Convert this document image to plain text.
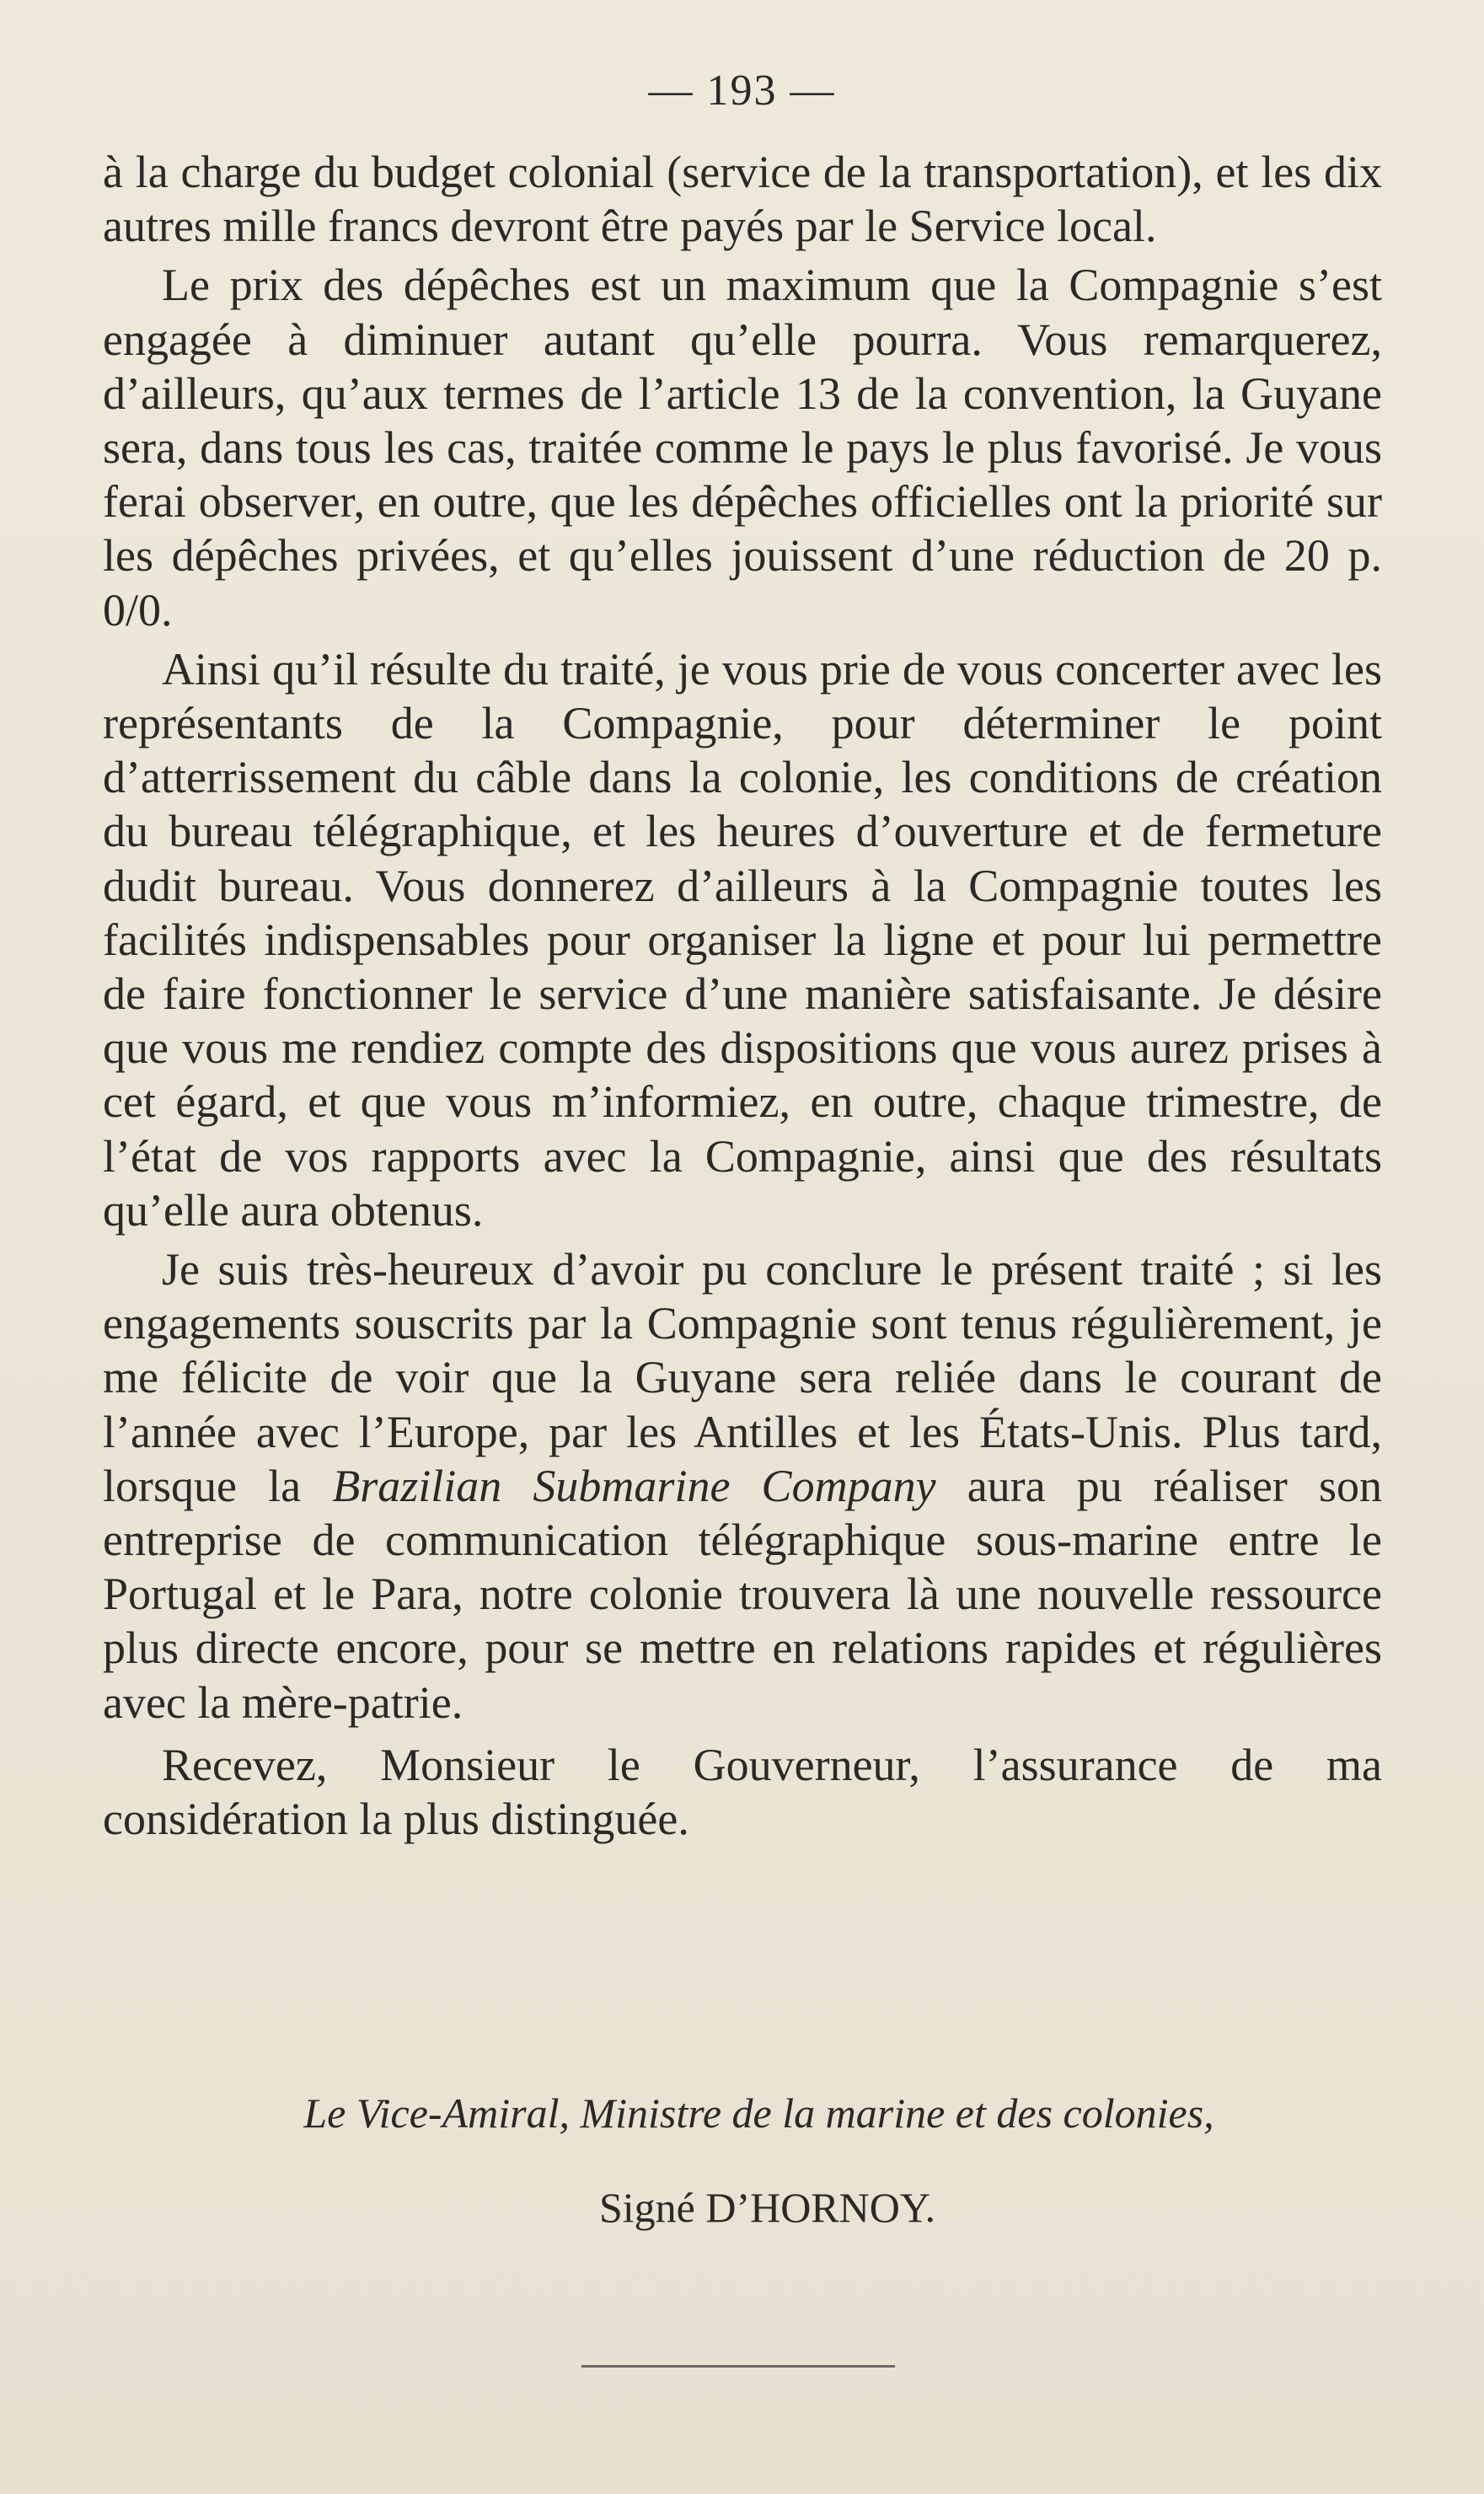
— 193 —

à la charge du budget colonial (service de la transportation), et les dix autres mille francs devront être payés par le Service local.

Le prix des dépêches est un maximum que la Compagnie s’est engagée à diminuer autant qu’elle pourra. Vous remarquerez, d’ailleurs, qu’aux termes de l’article 13 de la convention, la Guyane sera, dans tous les cas, traitée comme le pays le plus favorisé. Je vous ferai observer, en outre, que les dépêches officielles ont la priorité sur les dépêches privées, et qu’elles jouissent d’une réduction de 20 p. 0/0.

Ainsi qu’il résulte du traité, je vous prie de vous concerter avec les représentants de la Compagnie, pour déterminer le point d’atterrissement du câble dans la colonie, les conditions de création du bureau télégraphique, et les heures d’ouverture et de fermeture dudit bureau. Vous donnerez d’ailleurs à la Compagnie toutes les facilités indispensables pour organiser la ligne et pour lui permettre de faire fonctionner le service d’une manière satisfaisante. Je désire que vous me rendiez compte des dispositions que vous aurez prises à cet égard, et que vous m’informiez, en outre, chaque trimestre, de l’état de vos rapports avec la Compagnie, ainsi que des résultats qu’elle aura obtenus.

Je suis très-heureux d’avoir pu conclure le présent traité ; si les engagements souscrits par la Compagnie sont tenus régulièrement, je me félicite de voir que la Guyane sera reliée dans le courant de l’année avec l’Europe, par les Antilles et les États-Unis. Plus tard, lorsque la Brazilian Submarine Company aura pu réaliser son entreprise de communication télégraphique sous-marine entre le Portugal et le Para, notre colonie trouvera là une nouvelle ressource plus directe encore, pour se mettre en relations rapides et régulières avec la mère-patrie.

Recevez, Monsieur le Gouverneur, l’assurance de ma considération la plus distinguée.

Le Vice-Amiral, Ministre de la marine et des colonies,
Signé D’HORNOY.
